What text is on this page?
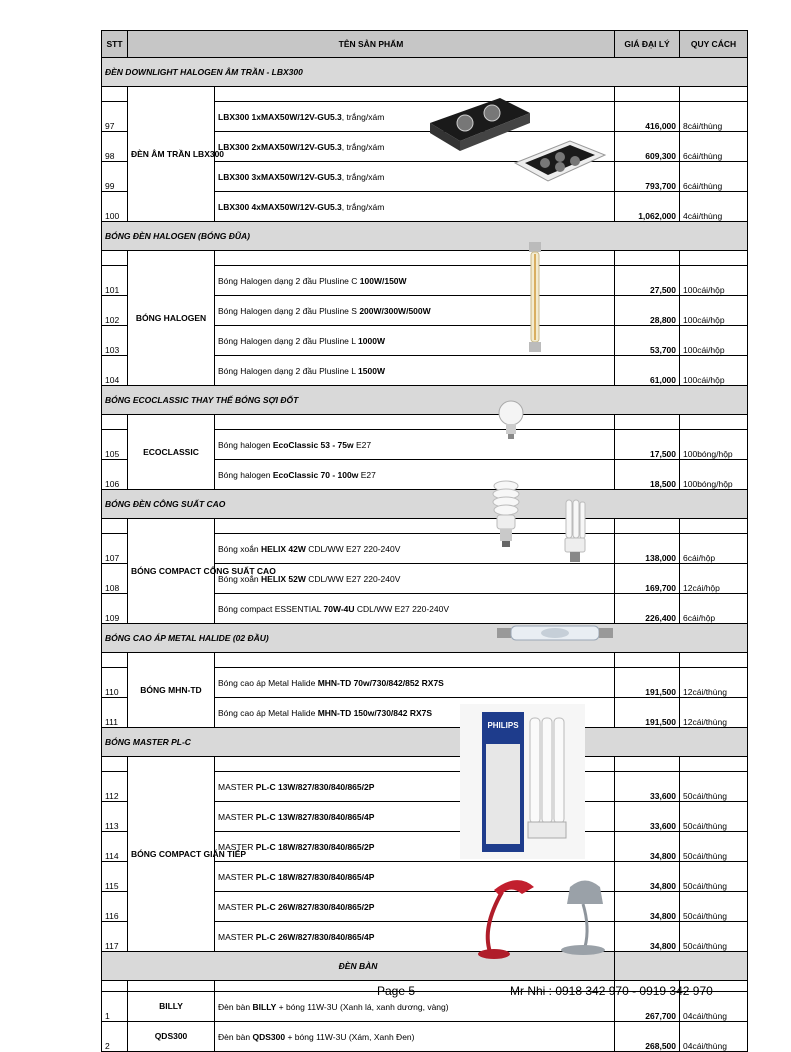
STT	TÊN SẢN PHẨM		GIÁ ĐẠI LÝ	QUY CÁCH
ĐÈN DOWNLIGHT HALOGEN ÂM TRẦN - LBX300				
	ĐÈN ÂM TRẦN LBX300			
97		LBX300 1xMAX50W/12V-GU5.3, trắng/xám	416,000	8cái/thùng
98		LBX300 2xMAX50W/12V-GU5.3, trắng/xám	609,300	6cái/thùng
99		LBX300 3xMAX50W/12V-GU5.3, trắng/xám	793,700	6cái/thùng
100		LBX300 4xMAX50W/12V-GU5.3, trắng/xám	1,062,000	4cái/thùng
BÓNG ĐÈN HALOGEN (BÓNG ĐŨA)				
	BÓNG HALOGEN			
101		Bóng Halogen dạng 2 đầu Plusline C 100W/150W	27,500	100cái/hộp
102		Bóng Halogen dạng 2 đầu Plusline S 200W/300W/500W	28,800	100cái/hộp
103		Bóng Halogen dạng 2 đầu Plusline L 1000W	53,700	100cái/hộp
104		Bóng Halogen dạng 2 đầu Plusline L 1500W	61,000	100cái/hộp
BÓNG ECOCLASSIC THAY THẾ BÓNG SỢI ĐỐT				
	ECOCLASSIC			
105		Bóng halogen EcoClassic 53 - 75w E27	17,500	100bóng/hộp
106		Bóng halogen EcoClassic 70 - 100w E27	18,500	100bóng/hộp
BÓNG ĐÈN CÔNG SUẤT CAO				
	BÓNG COMPACT CÔNG SUẤT CAO			
107		Bóng xoắn HELIX 42W CDL/WW E27 220-240V	138,000	6cái/hộp
108		Bóng xoắn HELIX 52W CDL/WW E27 220-240V	169,700	12cái/hộp
109		Bóng compact ESSENTIAL 70W-4U CDL/WW E27 220-240V	226,400	6cái/hộp
BÓNG CAO ÁP METAL HALIDE (02 ĐẦU)				
	BÓNG MHN-TD			
110		Bóng cao áp Metal Halide MHN-TD 70w/730/842/852 RX7S	191,500	12cái/thùng
111		Bóng cao áp Metal Halide MHN-TD 150w/730/842 RX7S	191,500	12cái/thùng
BÓNG MASTER PL-C				
	BÓNG COMPACT GIÁN TIẾP			
112		MASTER PL-C 13W/827/830/840/865/2P	33,600	50cái/thùng
113		MASTER PL-C 13W/827/830/840/865/4P	33,600	50cái/thùng
114		MASTER PL-C 18W/827/830/840/865/2P	34,800	50cái/thùng
115		MASTER PL-C 18W/827/830/840/865/4P	34,800	50cái/thùng
116		MASTER PL-C 26W/827/830/840/865/2P	34,800	50cái/thùng
117		MASTER PL-C 26W/827/830/840/865/4P	34,800	50cái/thùng
ĐÈN BÀN				

1	BILLY	Đèn bàn BILLY + bóng 11W-3U (Xanh lá, xanh dương, vàng)	267,700	04cái/thùng
2	QDS300	Đèn bàn QDS300 + bóng 11W-3U (Xám, Xanh Đen)	268,500	04cái/thùng
PHILIPS
Page 5	Mr Nhi : 0918 342 970 - 0919 342 970
